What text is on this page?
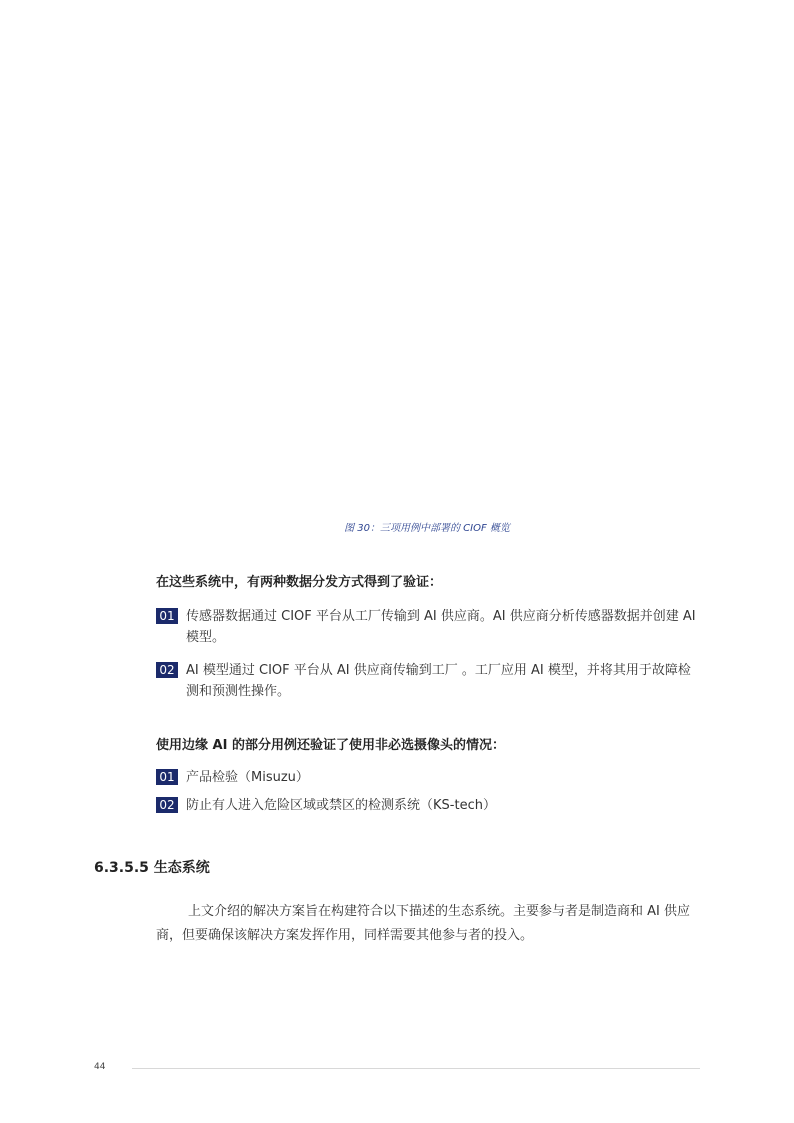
图 30：三项用例中部署的 CIOF 概览
在这些系统中，有两种数据分发方式得到了验证：
01 传感器数据通过 CIOF 平台从工厂传输到 AI 供应商。AI 供应商分析传感器数据并创建 AI 模型。
02 AI 模型通过 CIOF 平台从 AI 供应商传输到工厂 。工厂应用 AI 模型，并将其用于故障检测和预测性操作。
使用边缘 AI 的部分用例还验证了使用非必选摄像头的情况：
01 产品检验（Misuzu）
02 防止有人进入危险区域或禁区的检测系统（KS-tech）
6.3.5.5 生态系统
上文介绍的解决方案旨在构建符合以下描述的生态系统。主要参与者是制造商和 AI 供应商，但要确保该解决方案发挥作用，同样需要其他参与者的投入。
44
